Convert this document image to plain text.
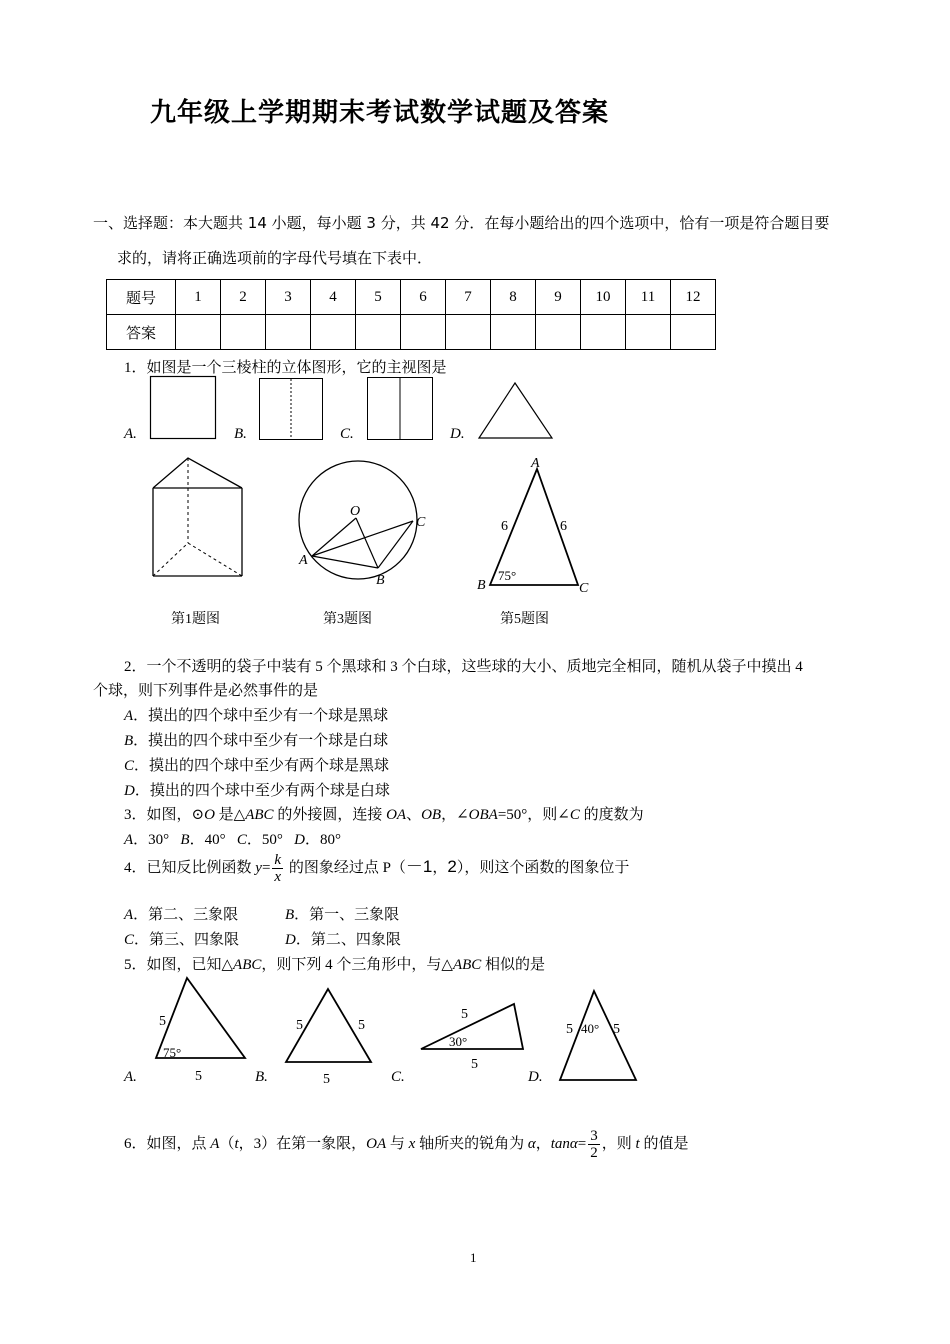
九年级上学期期末考试数学试题及答案
一、选择题：本大题共 14 小题，每小题 3 分，共 42 分．在每小题给出的四个选项中，恰有一项是符合题目要
求的，请将正确选项前的字母代号填在下表中．
题号	1	2	3	4	5	6	7	8	9	10	11	12
答案												
1．如图是一个三棱柱的立体图形，它的主视图是
A.	B.	C.	D.
第1题图
O
A
B
C
第3题图
A
B	C
6	6
75°
第5题图
2．一个不透明的袋子中装有 5 个黑球和 3 个白球，这些球的大小、质地完全相同，随机从袋子中摸出 4
个球，则下列事件是必然事件的是
A．摸出的四个球中至少有一个球是黑球
B．摸出的四个球中至少有一个球是白球
C．摸出的四个球中至少有两个球是黑球
D．摸出的四个球中至少有两个球是白球
3．如图，⊙O 是△ABC 的外接圆，连接 OA、OB，∠OBA=50°，则∠C 的度数为
A．30° B．40° C．50° D．80°
4．已知反比例函数 $y= \frac{k}{x}$ 的图象经过点 P（－1，2），则这个函数的图象位于
A．第二、三象限	B．第一、三象限
C．第三、四象限	D．第二、四象限
5．如图，已知△ABC，则下列 4 个三角形中，与△ABC 相似的是
A.
5
5
75°
B.
5	5
5	C.
5
30°
5
D.
5	5
40°
6．如图，点 A（t，3）在第一象限，OA 与 x 轴所夹的锐角为 α，$\tan\alpha= \frac{3}{2}$ ，则 t 的值是
1
